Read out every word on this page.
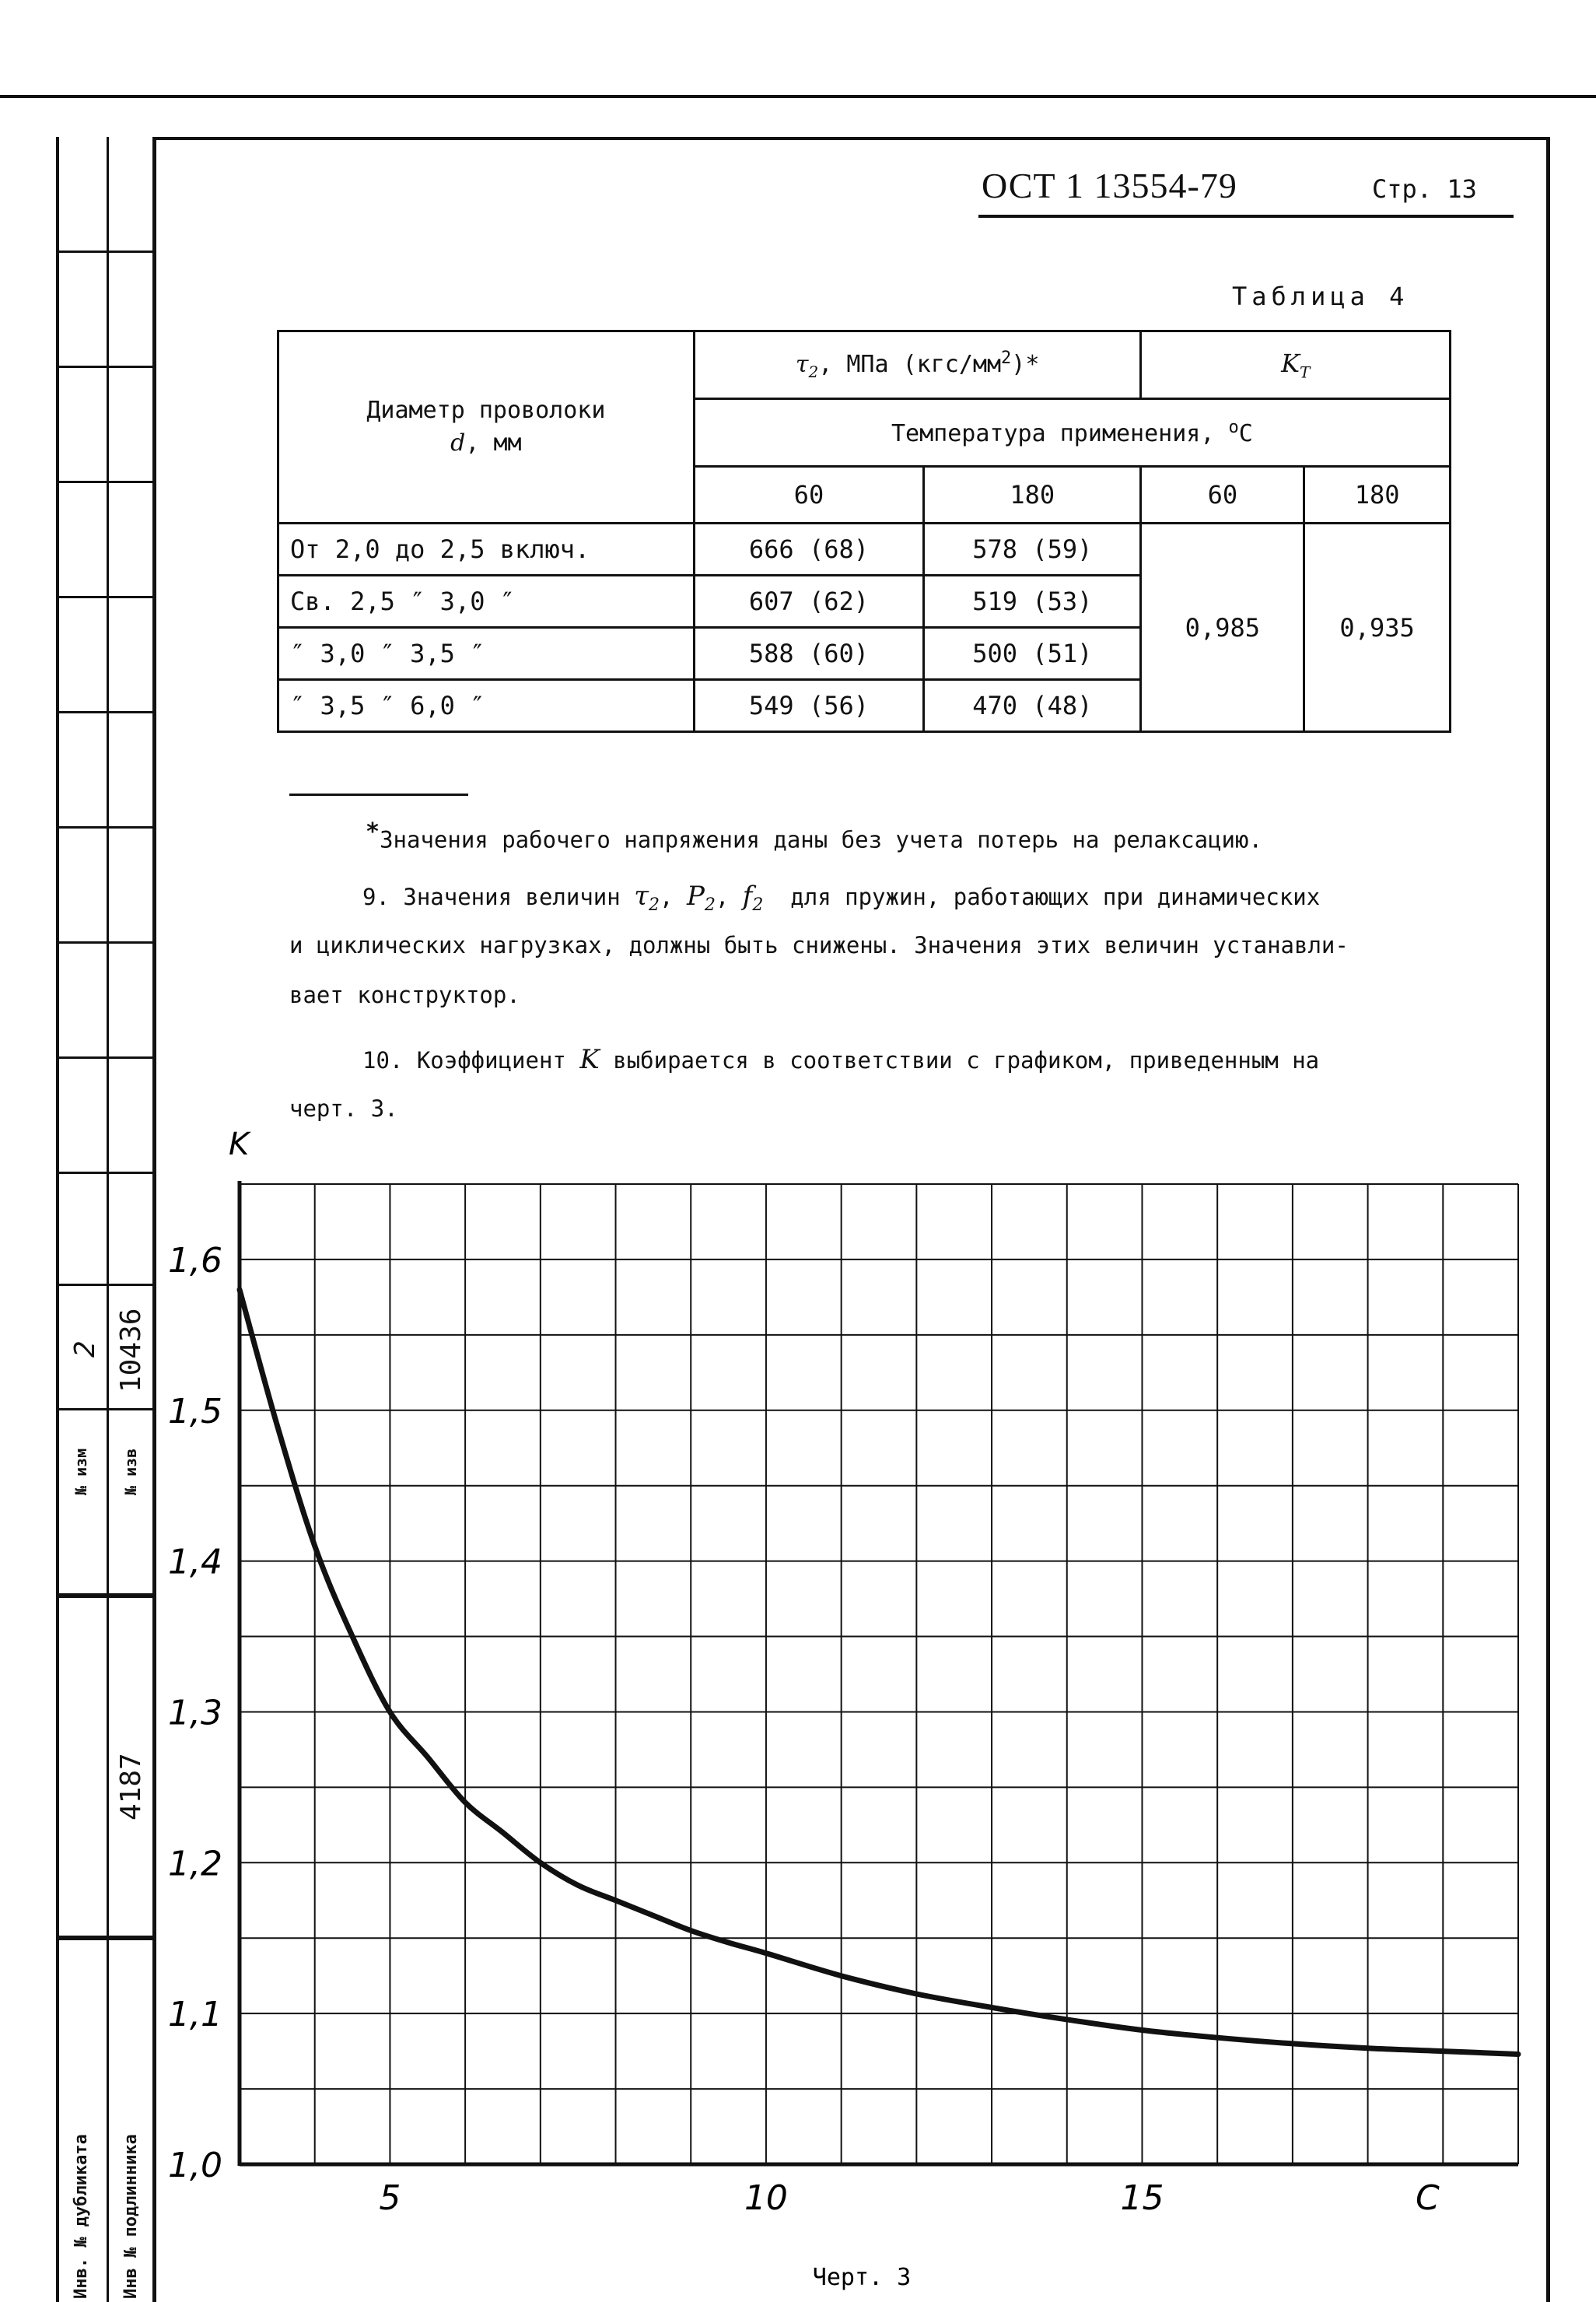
№ изм № изв
2 10436
4187
Инв. № дубликата Инв № подлинника
ОСТ 1 13554-79	Стр. 13
Таблица 4
Диаметр проволоки
d, мм	$\tau_2$, МПа $(кгс/мм^2)*$		$K_T$
	Температура применения, $^o$С			
	60	180	60	180
От 2,0 до 2,5 включ.	666 (68)	578 (59)	0,985	0,935
Св. 2,5 ″ 3,0 ″	607 (62)	519 (53)		
″ 3,0 ″ 3,5 ″	588 (60)	500 (51)		
″ 3,5 ″ 6,0 ″	549 (56)	470 (48)		
*Значения рабочего напряжения даны без учета потерь на релаксацию.
9. Значения величин $\tau_2$, $P_2$, $f_2$ для пружин, работающих при динамических
и циклических нагрузках, должны быть снижены. Значения этих величин устанавли-
вает конструктор.
10. Коэффициент K выбирается в соответствии с графиком, приведенным на
черт. 3.
1,0
1,1
1,2
1,3
1,4
1,5
1,6
5	10	15
K
C
Черт. 3
